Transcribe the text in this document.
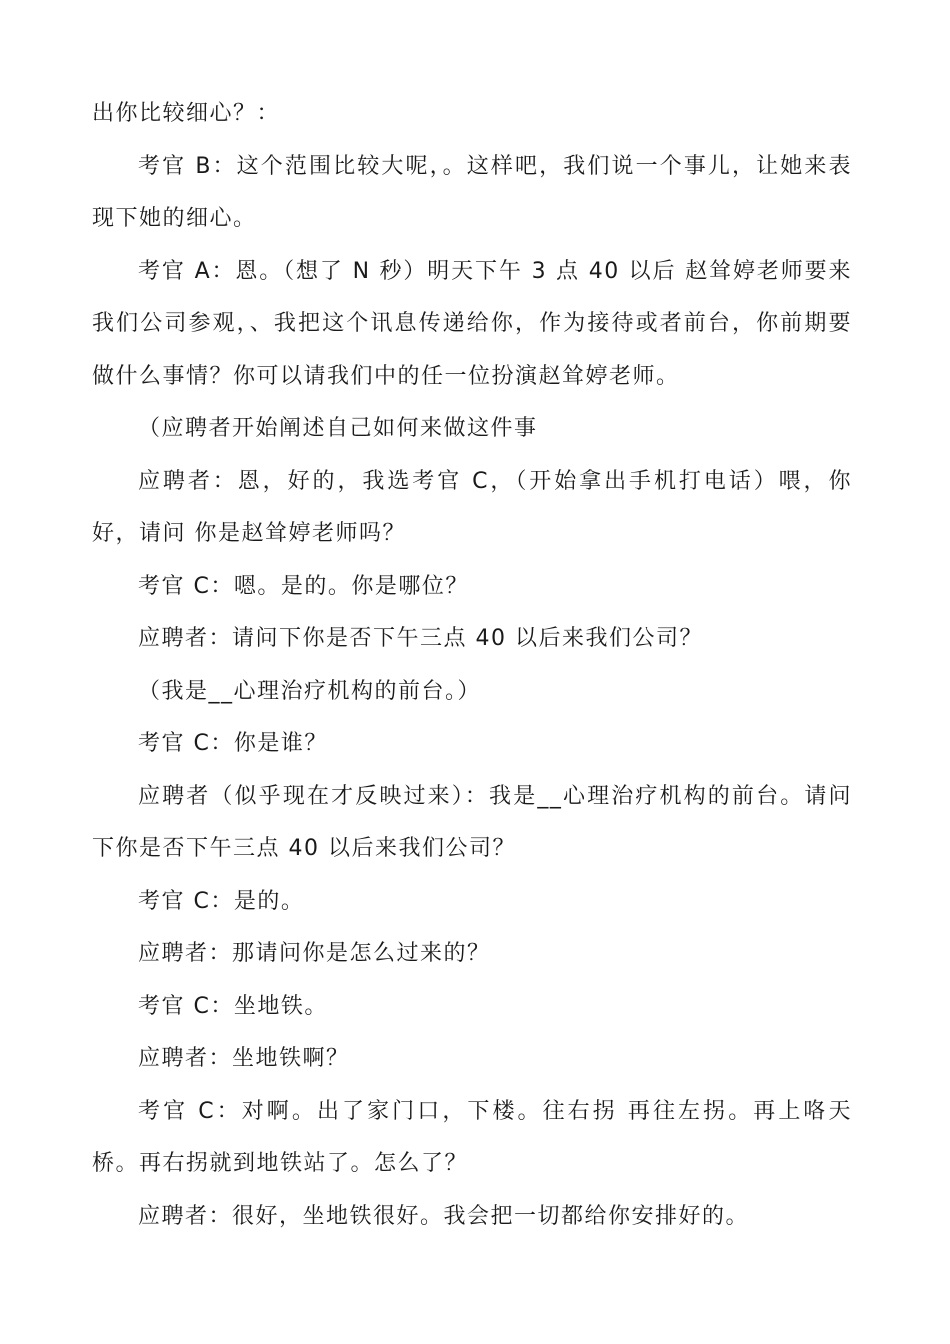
出你比较细心？：

考官 B：这个范围比较大呢，。这样吧，我们说一个事儿，让她来表现下她的细心。

考官 A：恩。（想了 N 秒）明天下午 3 点 40 以后 赵耸婷老师要来我们公司参观，、我把这个讯息传递给你，作为接待或者前台，你前期要做什么事情？你可以请我们中的任一位扮演赵耸婷老师。

（应聘者开始阐述自己如何来做这件事

应聘者：恩，好的，我选考官 C，（开始拿出手机打电话）喂，你好，请问 你是赵耸婷老师吗？

考官 C：嗯。是的。你是哪位？

应聘者：请问下你是否下午三点 40 以后来我们公司？

（我是__心理治疗机构的前台。）

考官 C：你是谁？

应聘者（似乎现在才反映过来）：我是__心理治疗机构的前台。请问下你是否下午三点 40 以后来我们公司？

考官 C：是的。

应聘者：那请问你是怎么过来的？

考官 C：坐地铁。

应聘者：坐地铁啊？

考官 C：对啊。出了家门口，下楼。往右拐 再往左拐。再上咯天桥。再右拐就到地铁站了。怎么了？

应聘者：很好，坐地铁很好。我会把一切都给你安排好的。
